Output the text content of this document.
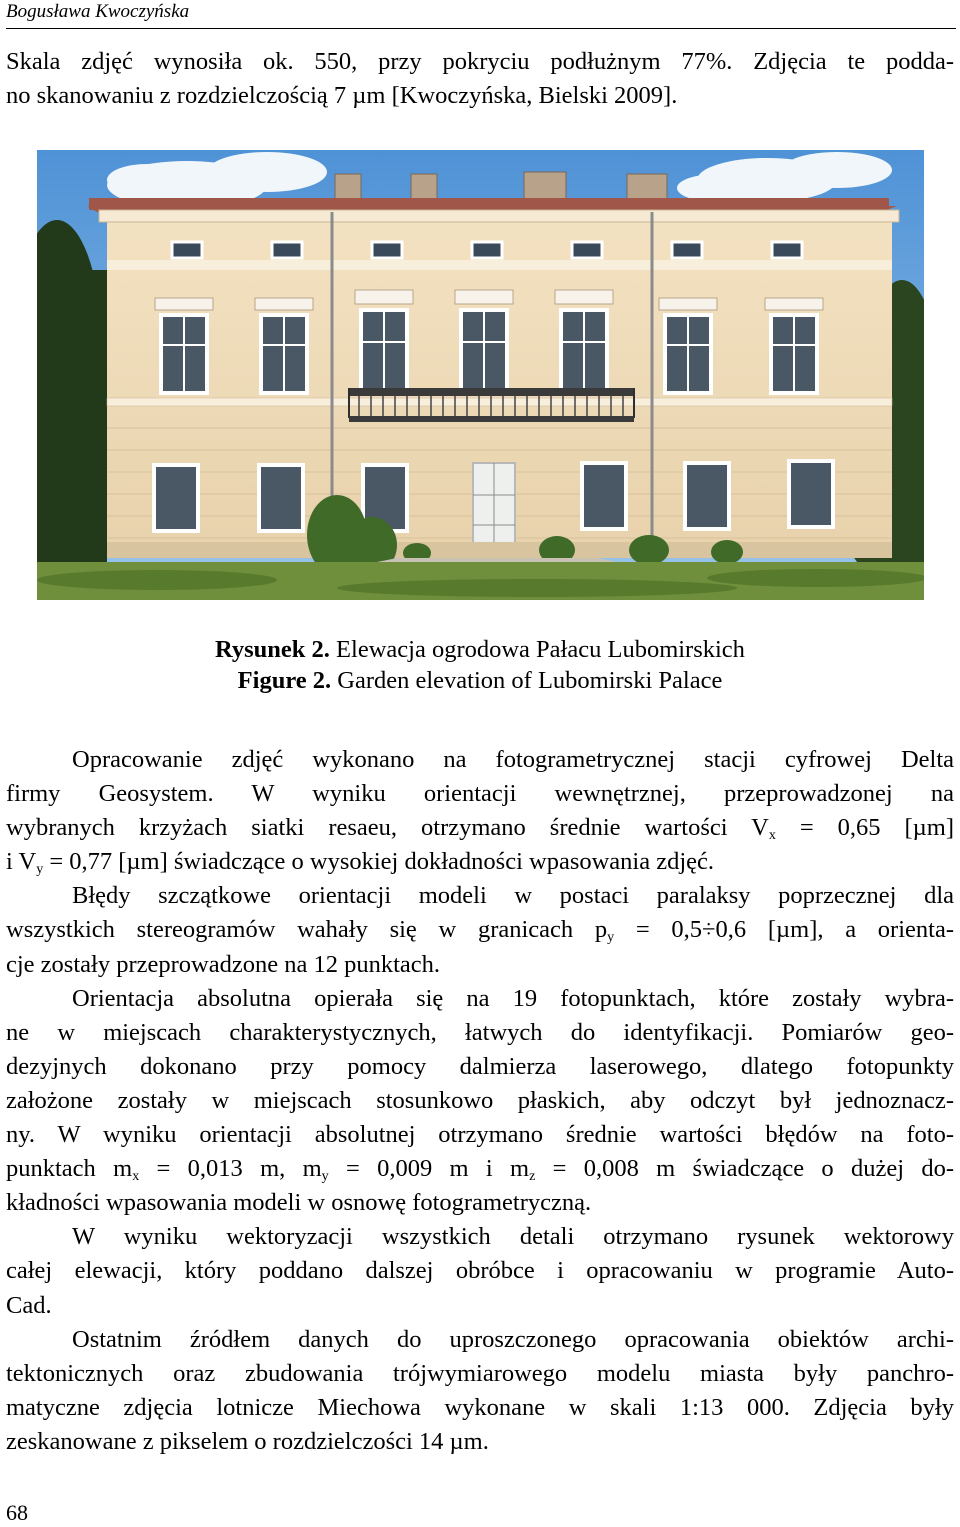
Bogusława Kwoczyńska
Skala zdjęć wynosiła ok. 550, przy pokryciu podłużnym 77%. Zdjęcia te podda-
no skanowaniu z rozdzielczością 7 µm [Kwoczyńska, Bielski 2009].
Rysunek 2. Elewacja ogrodowa Pałacu Lubomirskich
Figure 2. Garden elevation of Lubomirski Palace
Opracowanie zdjęć wykonano na fotogrametrycznej stacji cyfrowej Delta
firmy Geosystem. W wyniku orientacji wewnętrznej, przeprowadzonej na
wybranych krzyżach siatki resaeu, otrzymano średnie wartości $V_x = 0,65$ [µm]
i $V_y = 0,77$ [µm] świadczące o wysokiej dokładności wpasowania zdjęć.
Błędy szczątkowe orientacji modeli w postaci paralaksy poprzecznej dla
wszystkich stereogramów wahały się w granicach $p_y = 0,5\div 0,6$ [µm], a orienta-
cje zostały przeprowadzone na 12 punktach.
Orientacja absolutna opierała się na 19 fotopunktach, które zostały wybra-
ne w miejscach charakterystycznych, łatwych do identyfikacji. Pomiarów geo-
dezyjnych dokonano przy pomocy dalmierza laserowego, dlatego fotopunkty
założone zostały w miejscach stosunkowo płaskich, aby odczyt był jednoznacz-
ny. W wyniku orientacji absolutnej otrzymano średnie wartości błędów na foto-
punktach $m_x = 0,013$ m, $m_y = 0,009$ m i $m_z = 0,008$ m świadczące o dużej do-
kładności wpasowania modeli w osnowę fotogrametryczną.
W wyniku wektoryzacji wszystkich detali otrzymano rysunek wektorowy
całej elewacji, który poddano dalszej obróbce i opracowaniu w programie Auto-
Cad.
Ostatnim źródłem danych do uproszczonego opracowania obiektów archi-
tektonicznych oraz zbudowania trójwymiarowego modelu miasta były panchro-
matyczne zdjęcia lotnicze Miechowa wykonane w skali 1:13 000. Zdjęcia były
zeskanowane z pikselem o rozdzielczości 14 µm.
68
